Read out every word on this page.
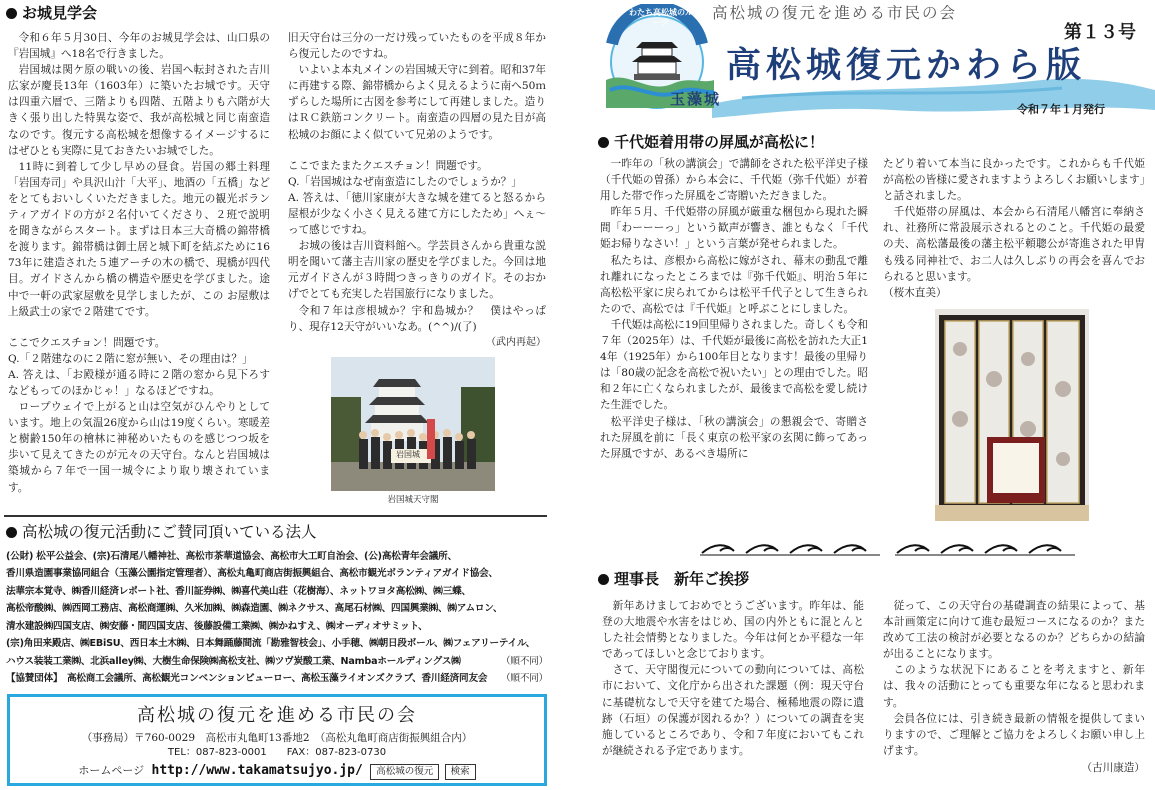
お城見学会

令和６年５月30日、今年のお城見学会は、山口県の『岩国城』へ18名で行きました。

岩国城は関ケ原の戦いの後、岩国へ転封された吉川広家が慶長13年（1603年）に築いたお城です。天守は四重六層で、三階よりも四階、五階よりも六階が大きく張り出した特異な姿で、我が高松城と同じ南蛮造なのです。復元する高松城を想像するイメージするにはぜひとも実際に見ておきたいお城でした。

11時に到着して少し早めの昼食。岩国の郷土料理「岩国寿司」や具沢山汁「大平」、地酒の「五橋」などをとてもおいしくいただきました。地元の観光ボランティアガイドの方が２名付いてくださり、２班で説明を聞きながらスタート。まずは日本三大奇橋の錦帯橋を渡ります。錦帯橋は御土居と城下町を結ぶために1673年に建造された５連アーチの木の橋で、現橋が四代目。ガイドさんから橋の構造や歴史を学びました。途中で一軒の武家屋敷を見学しましたが、この お屋敷は上級武士の家で２階建てです。

ここでクエスチョン！問題です。

Q.「２階建なのに２階に窓が無い、その理由は？」

A. 答えは、「お殿様が通る時に２階の窓から見下ろすなどもってのほかじゃ！」なるほどですね。

ロープウェイで上がると山は空気がひんやりとしています。地上の気温26度から山は19度くらい。寒暖差と樹齢150年の檜林に神秘めいたものを感じつつ坂を歩いて見えてきたのが元々の天守台。なんと岩国城は築城から７年で一国一城令により取り壊されています。

旧天守台は三分の一だけ残っていたものを平成８年から復元したのですね。

いよいよ本丸メインの岩国城天守に到着。昭和37年に再建する際、錦帯橋からよく見えるように南へ50ｍずらした場所に古図を参考にして再建しました。造りはＲＣ鉄筋コンクリート。南蛮造の四層の見た目が高松城のお顔によく似ていて兄弟のようです。

ここでまたまたクエスチョン！問題です。

Q.「岩国城はなぜ南蛮造にしたのでしょうか？」

A. 答えは、「徳川家康が大きな城を建てると怒るから屋根が少なく小さく見える建て方にしたため」へぇ～って感じですね。

お城の後は吉川資料館へ。学芸員さんから貴重な説明を聞いて藩主吉川家の歴史を学びました。今回は地元ガイドさんが３時間つきっきりのガイド。そのおかげでとても充実した岩国旅行になりました。

令和７年は彦根城か？宇和島城か？　僕はやっぱり、現存12天守がいいなあ。(^^)/(了)

（武内再起）
岩国城
岩国城天守閣
高松城の復元活動にご賛同頂いている法人

(公財) 松平公益会、(宗)石清尾八幡神社、高松市茶華道協会、高松市大工町自治会、(公)高松青年会議所、

香川県造園事業協同組合（玉藻公園指定管理者）、高松丸亀町商店街振興組合、高松市観光ボランティアガイド協会、

法華宗本覚寺、㈱香川経済レポート社、香川証券㈱、㈱喜代美山荘（花樹海）、ネットワヨタ高松㈱、㈱三蝶、

高松帝酸㈱、㈱西岡工務店、高松商運㈱、久米加㈱、㈱森造園、㈱ネクサス、高尾石材㈱、四国興業㈱、㈱アムロン、

清水建設㈱四国支店、㈱安藤・間四国支店、後藤設備工業㈱、㈱かねすえ、㈱オーディオサミット、

(宗)角田来殿店、㈱EBiSU、西日本土木㈱、日本舞踊藤間流「勘雅智枝会」、小手穂、㈱朝日段ボール、㈱フェアリーテイル、

ハウス装装工業㈱、北浜alley㈱、大樹生命保険㈱高松支社、㈱ツヴ炭酸工業、Nambaホールディングス㈱	（順不同）

【協賛団体】　高松商工会議所、高松観光コンベンションビューロー、高松玉藻ライオンズクラブ、香川経済同友会 （順不同）

高松城の復元を進める市民の会
（事務局）〒760-0029　高松市丸亀町13番地2　（高松丸亀町商店街振興組合内）
TEL：087-823-0001　　FAX：087-823-0730
ホームページ http://www.takamatsujyo.jp/ 高松城の復元 検索
わたち高松城のルーツ
玉藻城
高松城の復元を進める市民の会
高松城復元かわら版
第１３号
令和７年１月発行
千代姫着用帯の屏風が高松に！

一昨年の「秋の講演会」で講師をされた松平洋史子様（千代姫の曽孫）から本会に、千代姫（弥千代姫）が着用した帯で作った屏風をご寄贈いただきました。

昨年５月、千代姫帯の屏風が厳重な梱包から現れた瞬間「わーーーっ」という歓声が響き、誰ともなく「千代姫お帰りなさい！」という言葉が発せられました。

私たちは、彦根から高松に嫁がされ、幕末の動乱で離れ離れになったところまでは『弥千代姫』、明治５年に高松松平家に戻られてからは松平千代子として生きられたので、高松では『千代姫』と呼ぶことにしました。

千代姫は高松に19回里帰りされました。奇しくも令和７年（2025年）は、千代姫が最後に高松を訪れた大正14年（1925年）から100年目となります！最後の里帰りは「80歳の記念を高松で祝いたい」との理由でした。昭和２年に亡くなられましたが、最後まで高松を愛し続けた生涯でした。

松平洋史子様は、「秋の講演会」の懇親会で、寄贈された屏風を前に「長く東京の松平家の玄関に飾ってあった屏風ですが、あるべき場所に

たどり着いて本当に良かったです。これからも千代姫が高松の皆様に愛されますようよろしくお願いします」と話されました。

千代姫帯の屏風は、本会から石清尾八幡宮に奉納され、社務所に常設展示されるとのこと。千代姫の最愛の夫、高松藩最後の藩主松平頼聰公が寄進された甲冑も残る同神社で、お二人は久しぶりの再会を喜んでおられると思います。

（桜木直美）

理事長　新年ご挨拶

新年あけましておめでとうございます。昨年は、能登の大地震や水害をはじめ、国の内外ともに混とんとした社会情勢となりました。今年は何とか平穏な一年であってほしいと念じております。

さて、天守閣復元についての動向については、高松市において、文化庁から出された課題（例：現天守台に基礎杭なしで天守を建てた場合、極稀地震の際に遺跡（石垣）の保護が図れるか？）についての調査を実施しているところであり、令和７年度においてもこれが継続される予定であります。

従って、この天守台の基礎調査の結果によって、基本計画策定に向けて進む最短コースになるのか？また改めて工法の検討が必要となるのか？どちらかの結論が出ることになります。

このような状況下にあることを考えますと、新年は、我々の活動にとっても重要な年になると思われます。

会員各位には、引き続き最新の情報を提供してまいりますので、ご理解とご協力をよろしくお願い申し上げます。

（古川康造）
